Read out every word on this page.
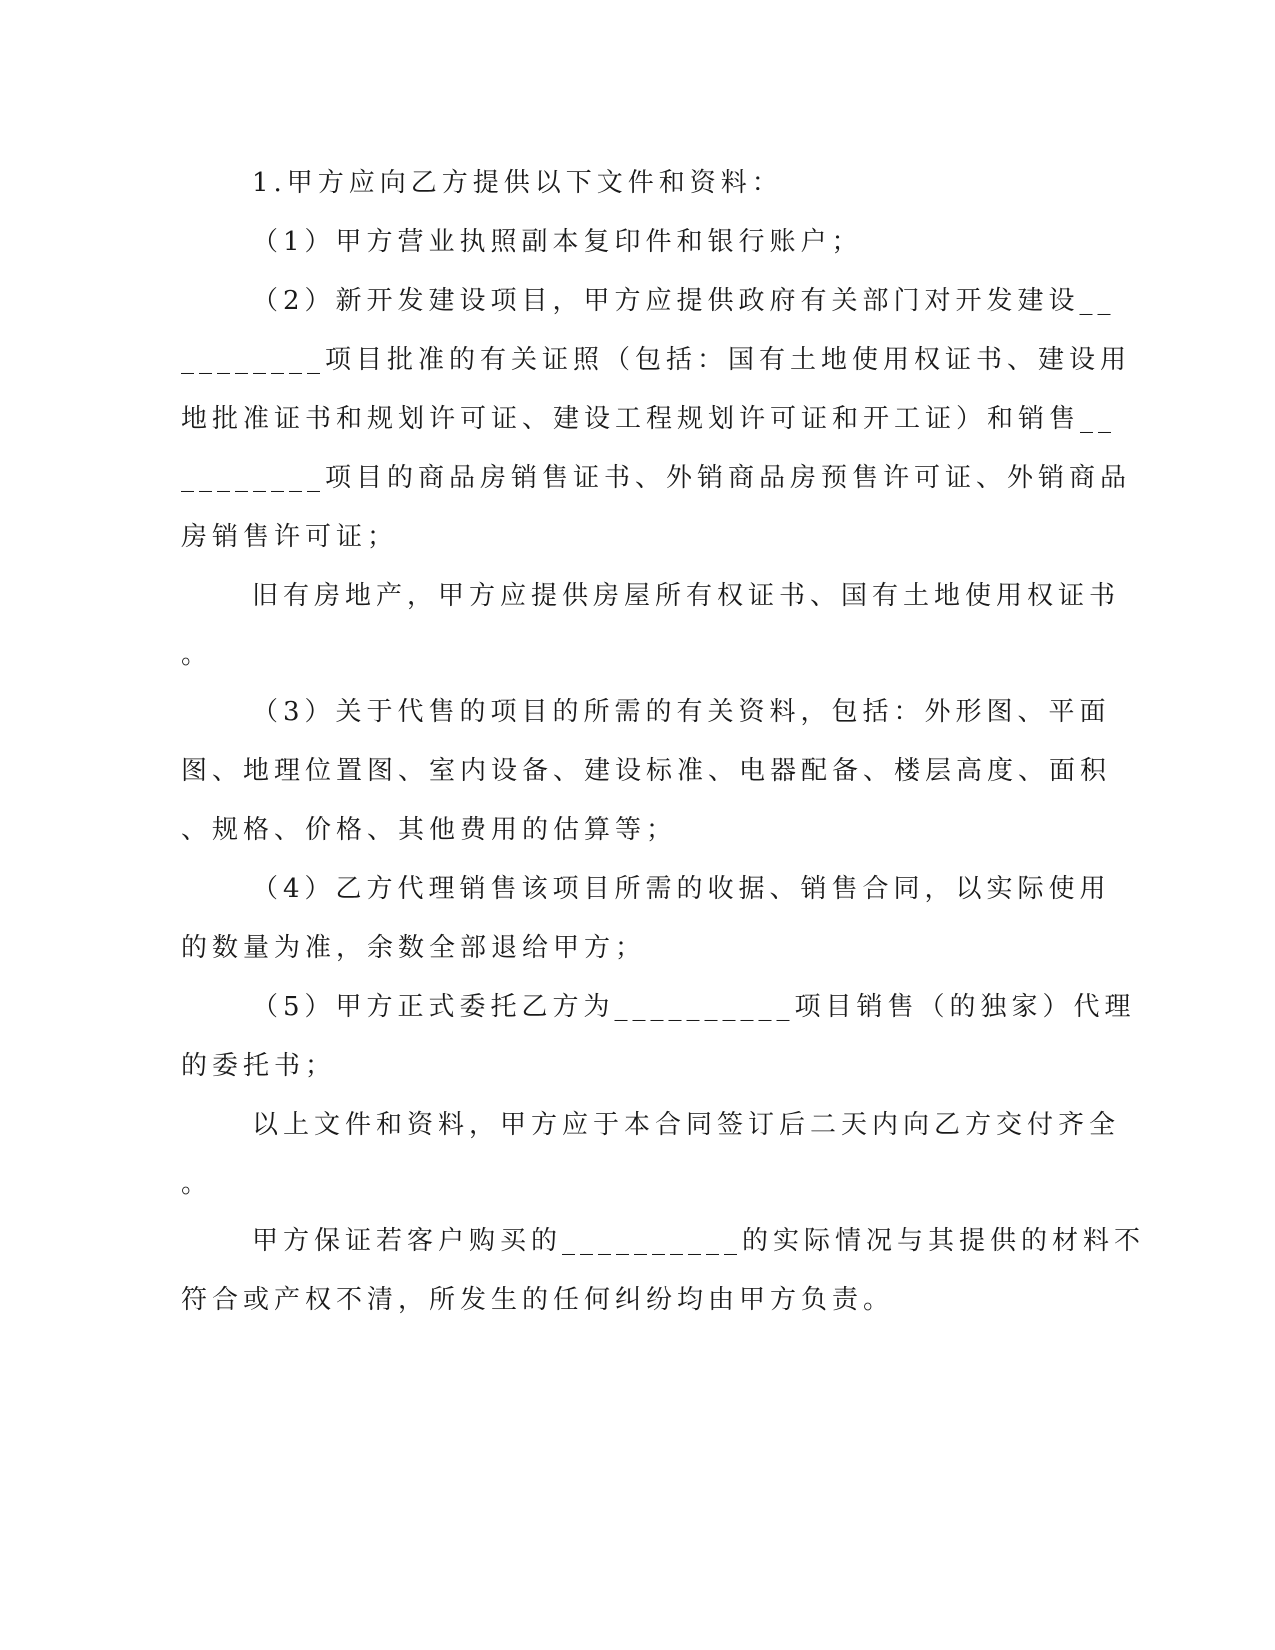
1.甲方应向乙方提供以下文件和资料：
（1）甲方营业执照副本复印件和银行账户；
（2）新开发建设项目，甲方应提供政府有关部门对开发建设__
________项目批准的有关证照（包括：国有土地使用权证书、建设用
地批准证书和规划许可证、建设工程规划许可证和开工证）和销售__
________项目的商品房销售证书、外销商品房预售许可证、外销商品
房销售许可证；
旧有房地产，甲方应提供房屋所有权证书、国有土地使用权证书
。
（3）关于代售的项目的所需的有关资料，包括：外形图、平面
图、地理位置图、室内设备、建设标准、电器配备、楼层高度、面积
、规格、价格、其他费用的估算等；
（4）乙方代理销售该项目所需的收据、销售合同，以实际使用
的数量为准，余数全部退给甲方；
（5）甲方正式委托乙方为__________项目销售（的独家）代理
的委托书；
以上文件和资料，甲方应于本合同签订后二天内向乙方交付齐全
。
甲方保证若客户购买的__________的实际情况与其提供的材料不
符合或产权不清，所发生的任何纠纷均由甲方负责。
